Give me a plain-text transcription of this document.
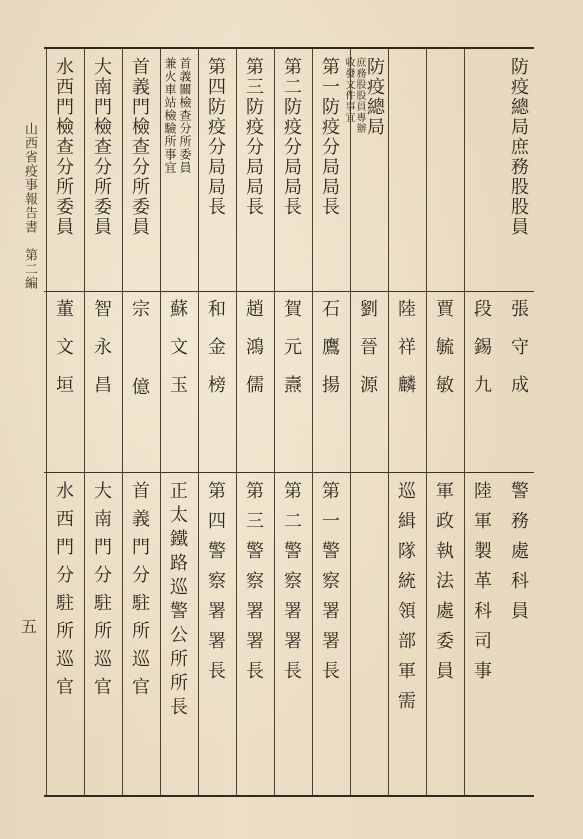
山西省疫事報告書　第二編
五
防疫總局庶務股股員
張守成
警務處科員
段錫九
陸軍製革科司事
賈毓敏
軍政執法處委員
陸祥麟
巡緝隊統領部軍需
防疫總局
庶務股股員專辦
收發文件事宜
劉晉源
第一防疫分局局長
石鷹揚
第一警察署署長
第二防疫分局局長
賀元燾
第二警察署署長
第三防疫分局局長
趙鴻儒
第三警察署署長
第四防疫分局局長
和金榜
第四警察署署長
首義關檢查分所委員
兼火車站檢驗所事宜
蘇文玉
正太鐵路巡警公所所長
首義門檢查分所委員
宗億
首義門分駐所巡官
大南門檢查分所委員
智永昌
大南門分駐所巡官
水西門檢查分所委員
董文垣
水西門分駐所巡官
